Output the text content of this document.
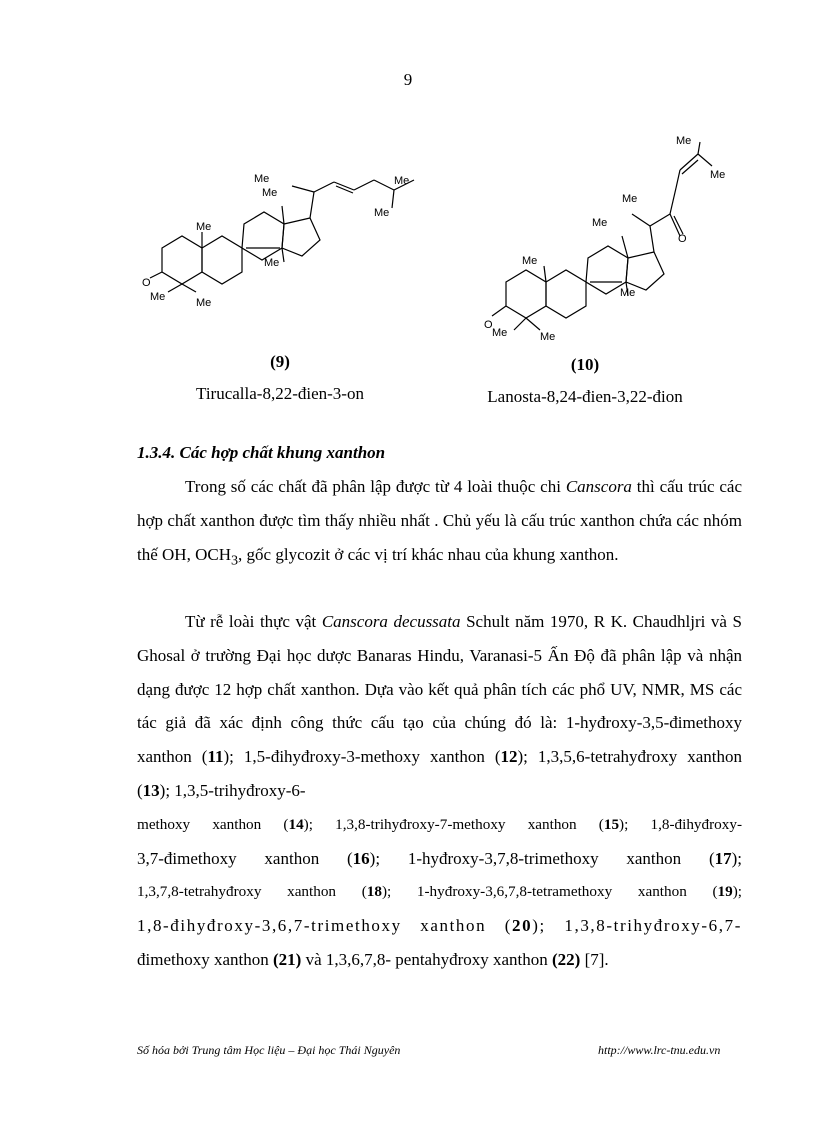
9
O
Me
Me	Me
Me
Me
Me
Me
Me
(9)
Tirucalla-8,22-đien-3-on
O
Me
Me	Me
Me
Me
Me
O
Me
Me
(10)
Lanosta-8,24-đien-3,22-đion
1.3.4. Các hợp chất khung xanthon

Trong số các chất đã phân lập được từ 4 loài thuộc chi Canscora thì cấu trúc các hợp chất xanthon được tìm thấy nhiều nhất . Chủ yếu là cấu trúc xanthon chứa các nhóm thế OH, $OCH_3$, gốc glycozit ở các vị trí khác nhau của khung xanthon.

Từ rễ loài thực vật Canscora decussata Schult năm 1970, R K. Chaudhljri và S Ghosal ở trường Đại học dược Banaras Hindu, Varanasi-5 Ấn Độ đã phân lập và nhận dạng được 12 hợp chất xanthon. Dựa vào kết quả phân tích các phổ UV, NMR, MS các tác giả đã xác định công thức cấu tạo của chúng đó là: 1-hyđroxy-3,5-đimethoxy xanthon (11); 1,5-đihyđroxy-3-methoxy xanthon (12); 1,3,5,6-tetrahyđroxy xanthon (13); 1,3,5-trihyđroxy-6-

methoxy xanthon (14); 1,3,8-trihyđroxy-7-methoxy xanthon (15); 1,8-đihyđroxy-
3,7-đimethoxy xanthon (16); 1-hyđroxy-3,7,8-trimethoxy xanthon (17);
1,3,7,8-tetrahyđroxy xanthon (18); 1-hyđroxy-3,6,7,8-tetramethoxy xanthon (19);
1,8-đihyđroxy-3,6,7-trimethoxy xanthon (20); 1,3,8-trihyđroxy-6,7-
đimethoxy xanthon (21) và 1,3,6,7,8- pentahyđroxy xanthon (22) [7].
Số hóa bởi Trung tâm Học liệu – Đại học Thái Nguyên	http://www.lrc-tnu.edu.vn
